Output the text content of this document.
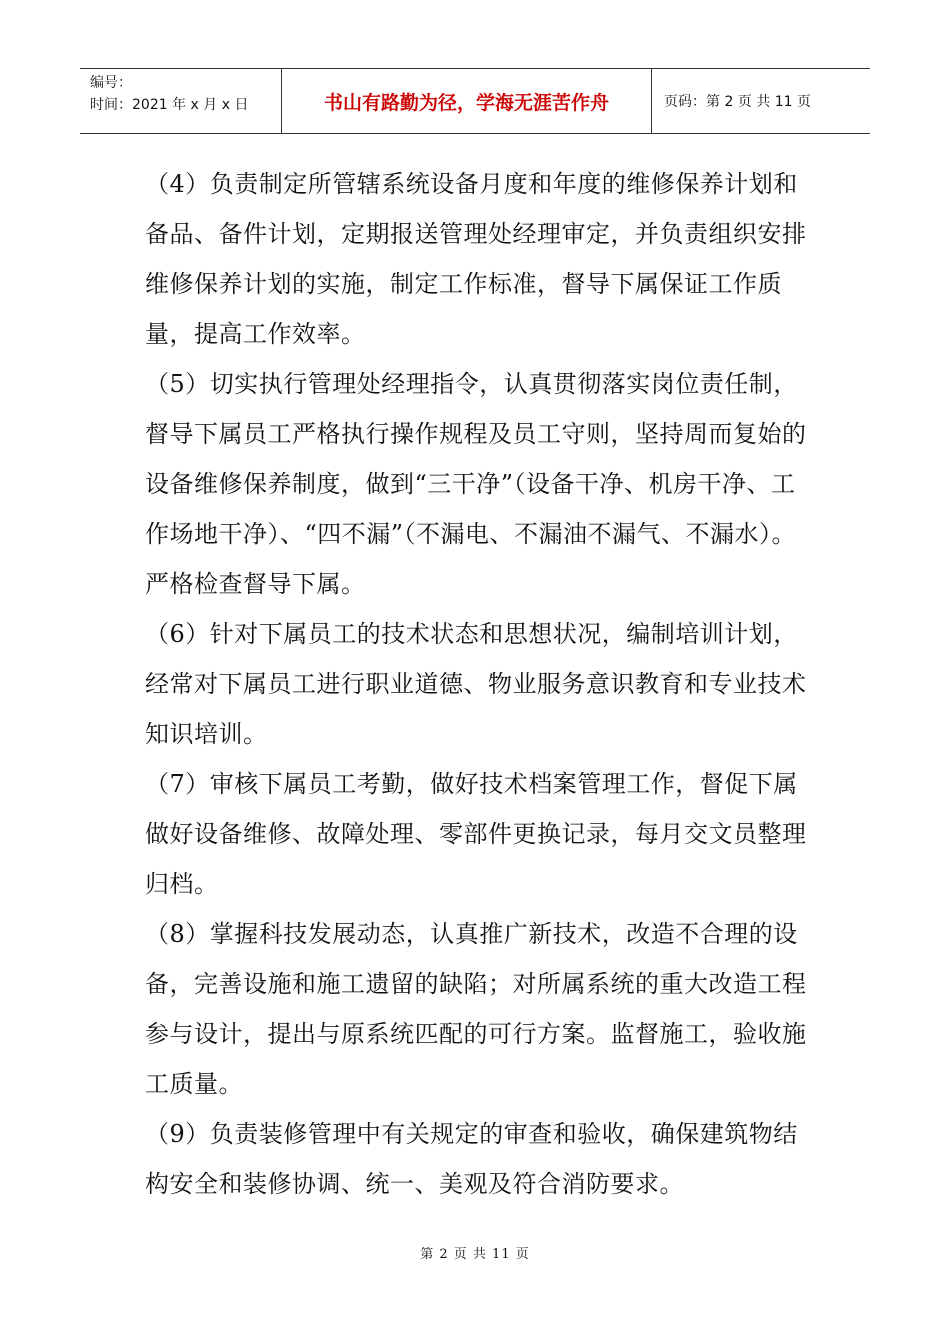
编号：
时间：2021 年 x 月 x 日	书山有路勤为径，学海无涯苦作舟	页码：第 2 页 共 11 页

（4）负责制定所管辖系统设备月度和年度的维修保养计划和备品、备件计划，定期报送管理处经理审定，并负责组织安排维修保养计划的实施，制定工作标准，督导下属保证工作质量，提高工作效率。

（5）切实执行管理处经理指令，认真贯彻落实岗位责任制，督导下属员工严格执行操作规程及员工守则，坚持周而复始的设备维修保养制度，做到“三干净”（设备干净、机房干净、工作场地干净）、“四不漏”（不漏电、不漏油不漏气、不漏水）。严格检查督导下属。

（6）针对下属员工的技术状态和思想状况，编制培训计划，经常对下属员工进行职业道德、物业服务意识教育和专业技术知识培训。

（7）审核下属员工考勤，做好技术档案管理工作，督促下属做好设备维修、故障处理、零部件更换记录，每月交文员整理归档。

（8）掌握科技发展动态，认真推广新技术，改造不合理的设备，完善设施和施工遗留的缺陷；对所属系统的重大改造工程参与设计，提出与原系统匹配的可行方案。监督施工，验收施工质量。

（9）负责装修管理中有关规定的审查和验收，确保建筑物结构安全和装修协调、统一、美观及符合消防要求。

第 2 页 共 11 页
